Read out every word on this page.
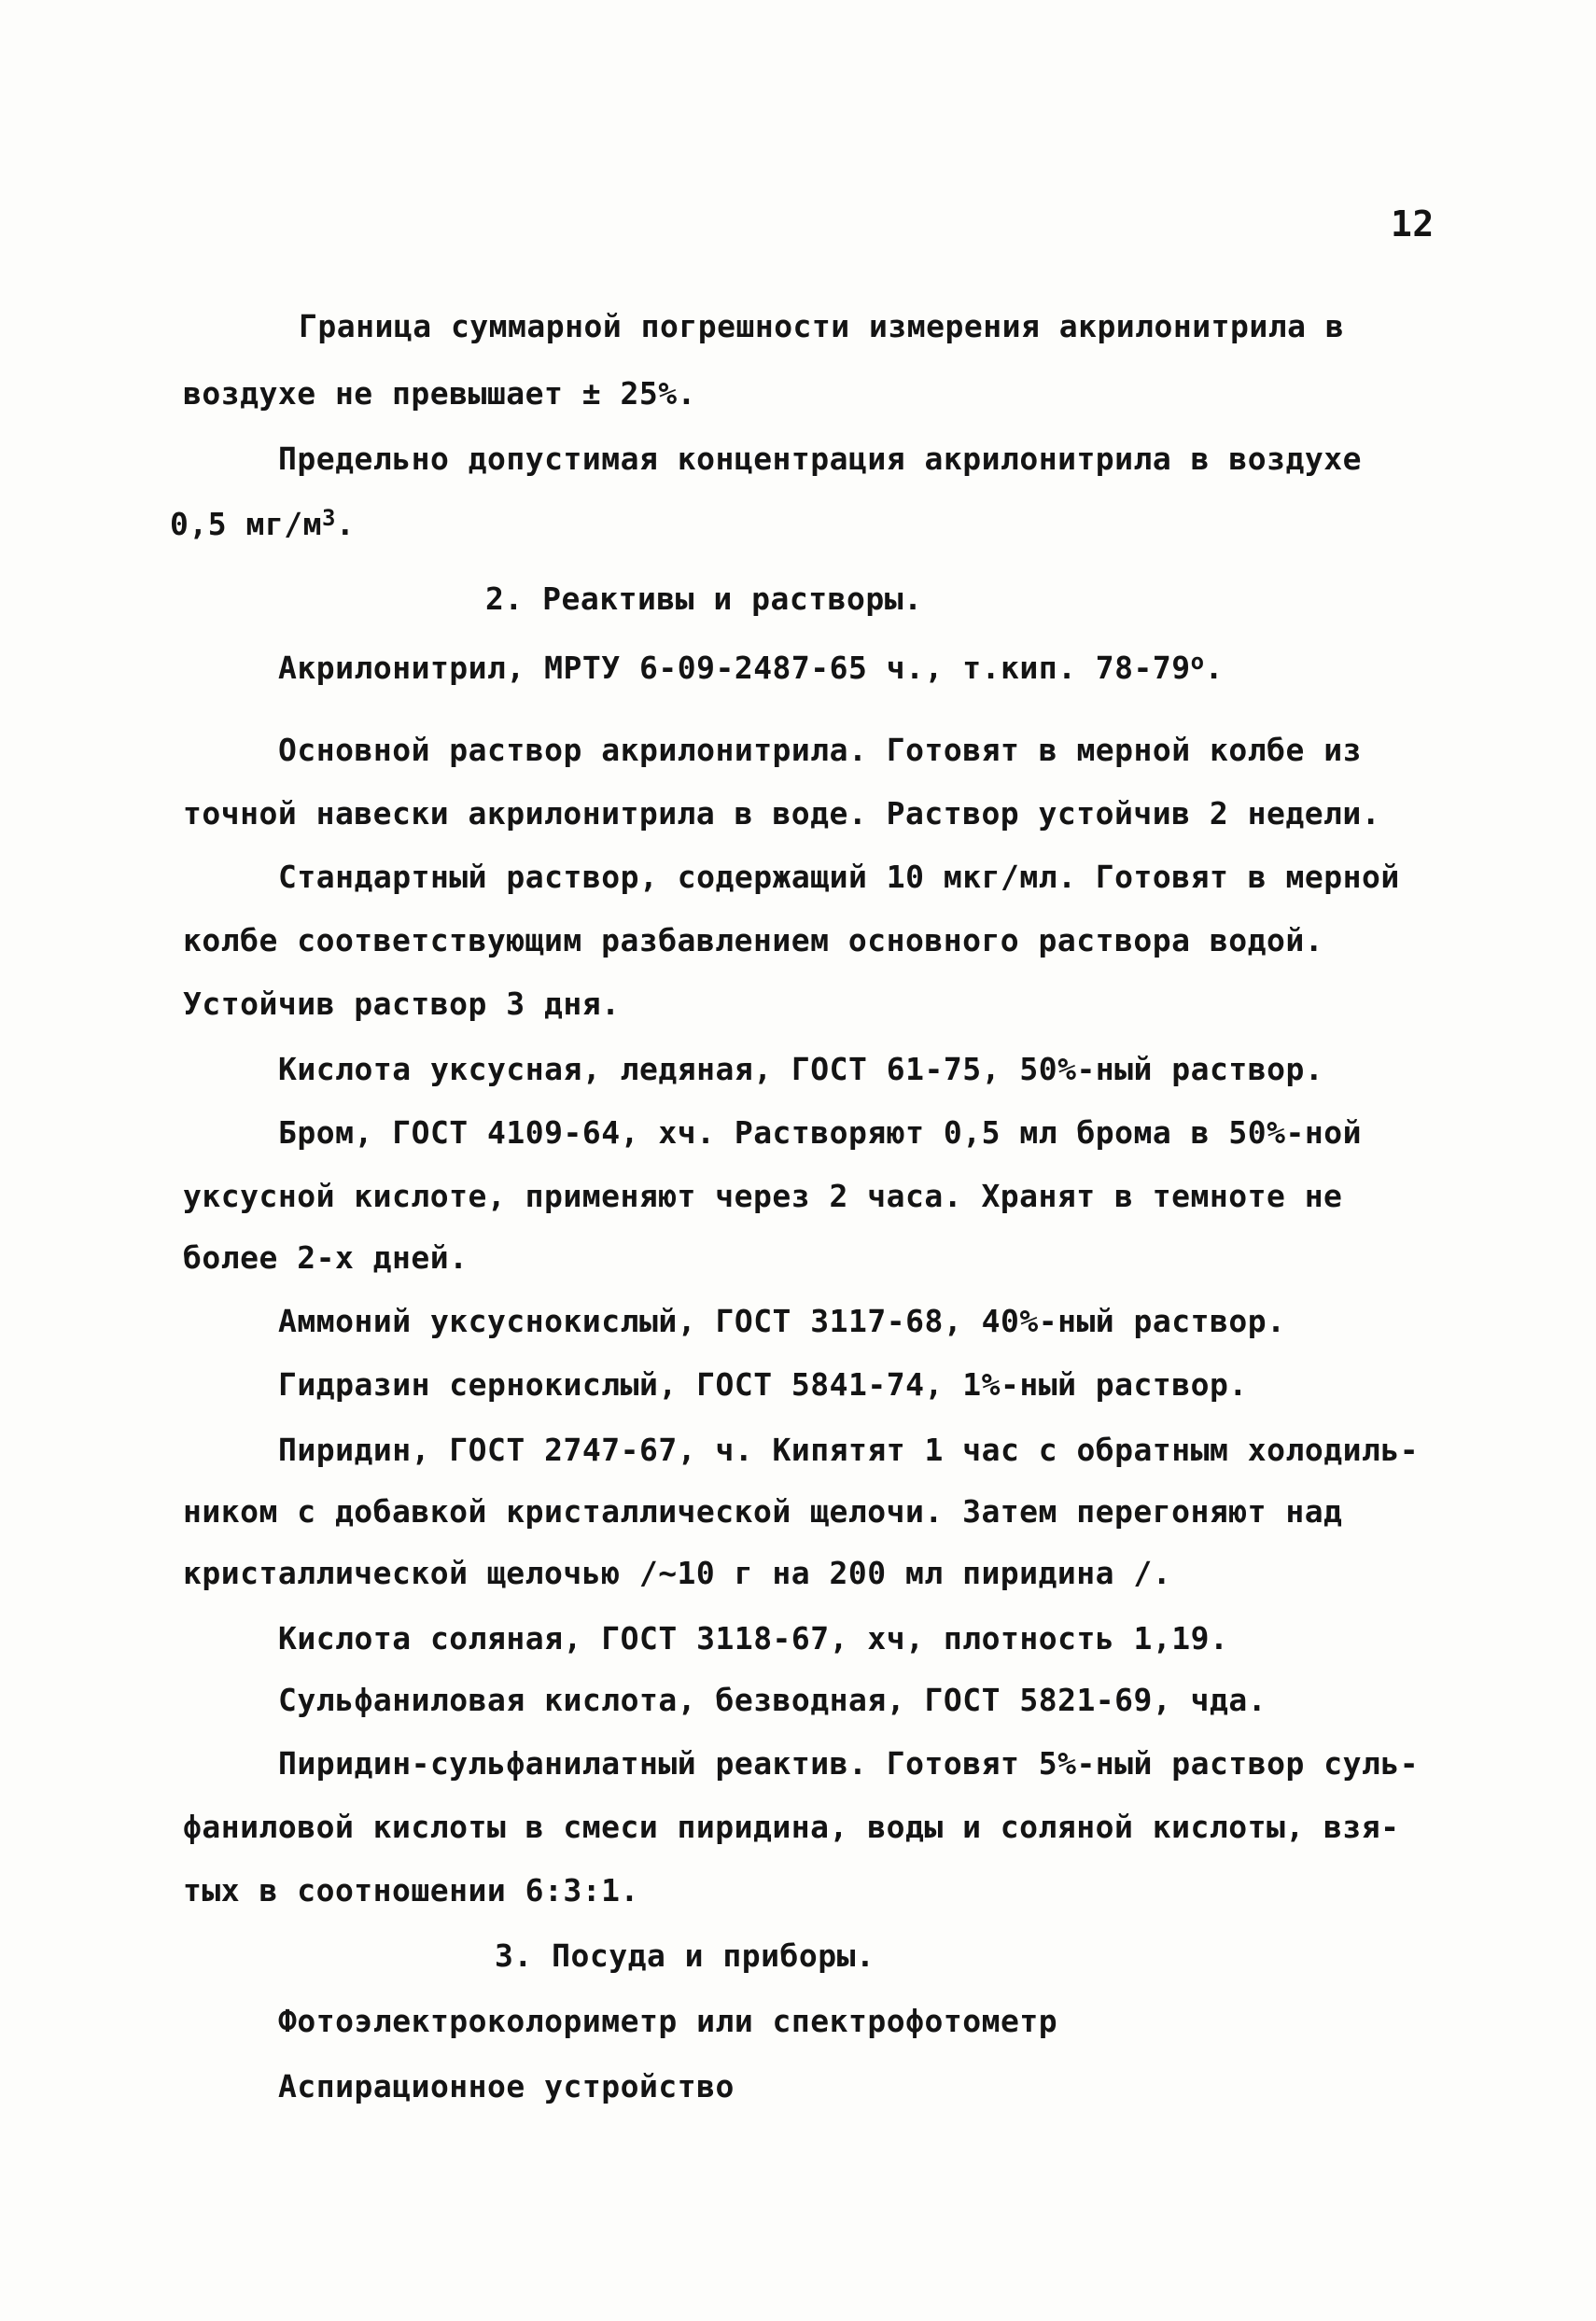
12
Граница суммарной погрешности измерения акрилонитрила в
воздухе не превышает ± 25%.
Предельно допустимая концентрация акрилонитрила в воздухе
0,5 $мг/м^3$.
2. Реактивы и растворы.
Акрилонитрил, МРТУ 6-09-2487-65 ч., т.кип. $78-79^о$.
Основной раствор акрилонитрила. Готовят в мерной колбе из
точной навески акрилонитрила в воде. Раствор устойчив 2 недели.
Стандартный раствор, содержащий 10 мкг/мл. Готовят в мерной
колбе соответствующим разбавлением основного раствора водой.
Устойчив раствор 3 дня.
Кислота уксусная, ледяная, ГОСТ 61-75, 50%-ный раствор.
Бром, ГОСТ 4109-64, хч. Растворяют 0,5 мл брома в 50%-ной
уксусной кислоте, применяют через 2 часа. Хранят в темноте не
более 2-х дней.
Аммоний уксуснокислый, ГОСТ 3117-68, 40%-ный раствор.
Гидразин сернокислый, ГОСТ 5841-74, 1%-ный раствор.
Пиридин, ГОСТ 2747-67, ч. Кипятят 1 час с обратным холодиль-
ником с добавкой кристаллической щелочи. Затем перегоняют над
кристаллической щелочью /~10 г на 200 мл пиридина /.
Кислота соляная, ГОСТ 3118-67, хч, плотность 1,19.
Сульфаниловая кислота, безводная, ГОСТ 5821-69, чда.
Пиридин-сульфанилатный реактив. Готовят 5%-ный раствор суль-
фаниловой кислоты в смеси пиридина, воды и соляной кислоты, взя-
тых в соотношении 6:3:1.
3. Посуда и приборы.
Фотоэлектроколориметр или спектрофотометр
Аспирационное устройство
